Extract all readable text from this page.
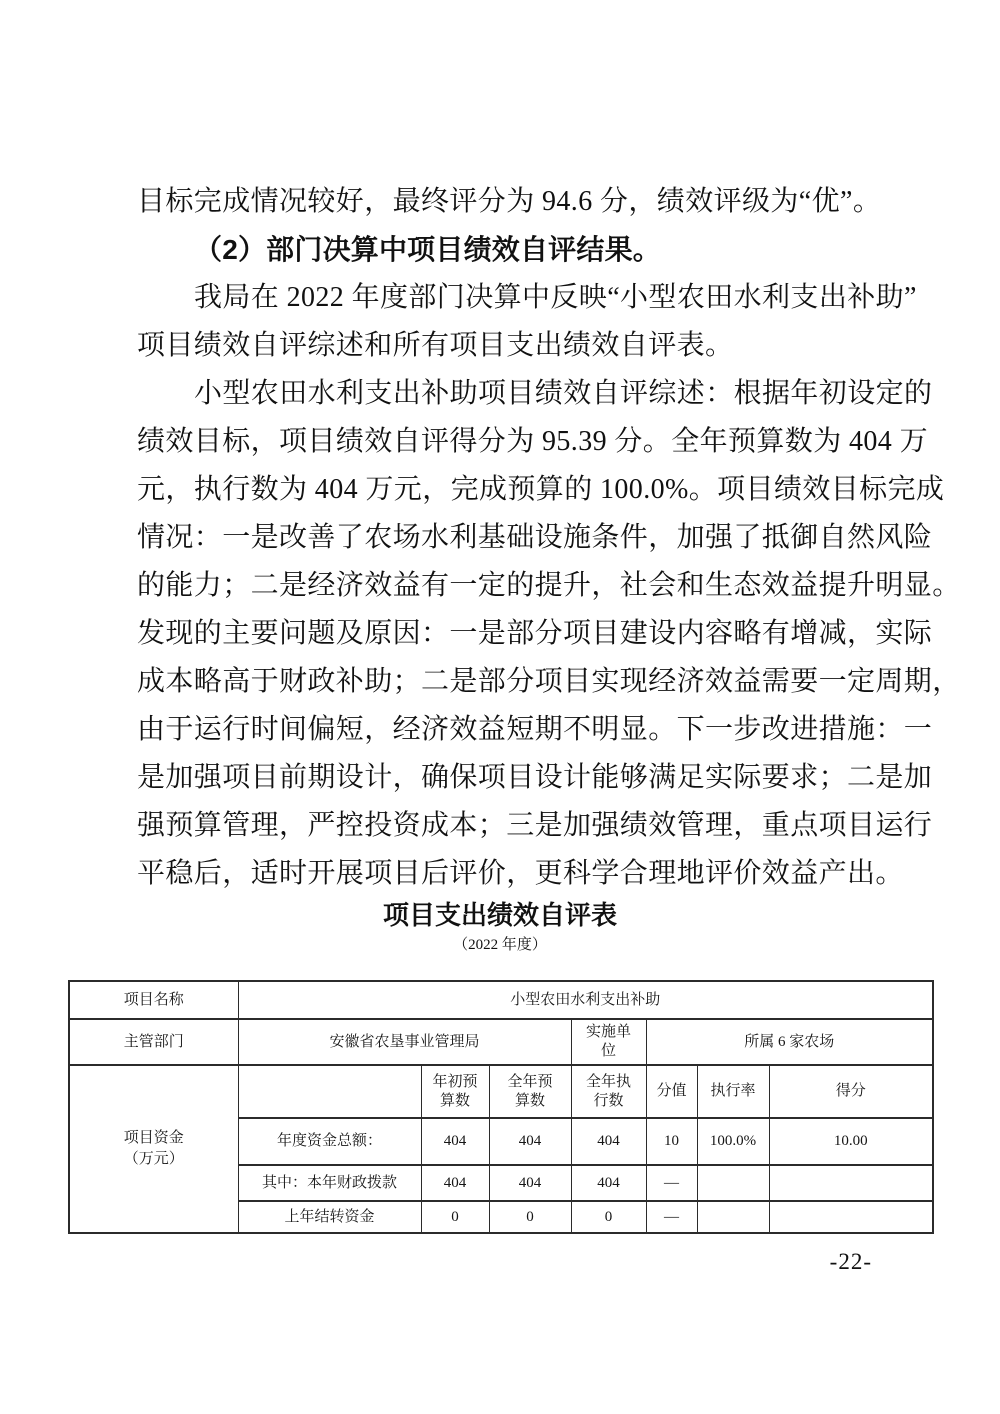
目标完成情况较好，最终评分为 94.6 分，绩效评级为“优”。
（2）部门决算中项目绩效自评结果。
我局在 2022 年度部门决算中反映“小型农田水利支出补助”
项目绩效自评综述和所有项目支出绩效自评表。
小型农田水利支出补助项目绩效自评综述：根据年初设定的
绩效目标，项目绩效自评得分为 95.39 分。全年预算数为 404 万
元，执行数为 404 万元，完成预算的 100.0%。项目绩效目标完成
情况：一是改善了农场水利基础设施条件，加强了抵御自然风险
的能力；二是经济效益有一定的提升，社会和生态效益提升明显。
发现的主要问题及原因：一是部分项目建设内容略有增减，实际
成本略高于财政补助；二是部分项目实现经济效益需要一定周期，
由于运行时间偏短，经济效益短期不明显。下一步改进措施：一
是加强项目前期设计，确保项目设计能够满足实际要求；二是加
强预算管理，严控投资成本；三是加强绩效管理，重点项目运行
平稳后，适时开展项目后评价，更科学合理地评价效益产出。
项目支出绩效自评表
（2022 年度）
项目名称	小型农田水利支出补助						
主管部门	安徽省农垦事业管理局			实施单位	所属 6 家农场		

项目资金
（万元）		年初预算数	全年预算数	全年执行数	分值	执行率	得分
	年度资金总额：	404	404	404	10	100.0%	10.00
	其中：本年财政拨款	404	404	404	—		
	上年结转资金	0	0	0	—		
-22-
